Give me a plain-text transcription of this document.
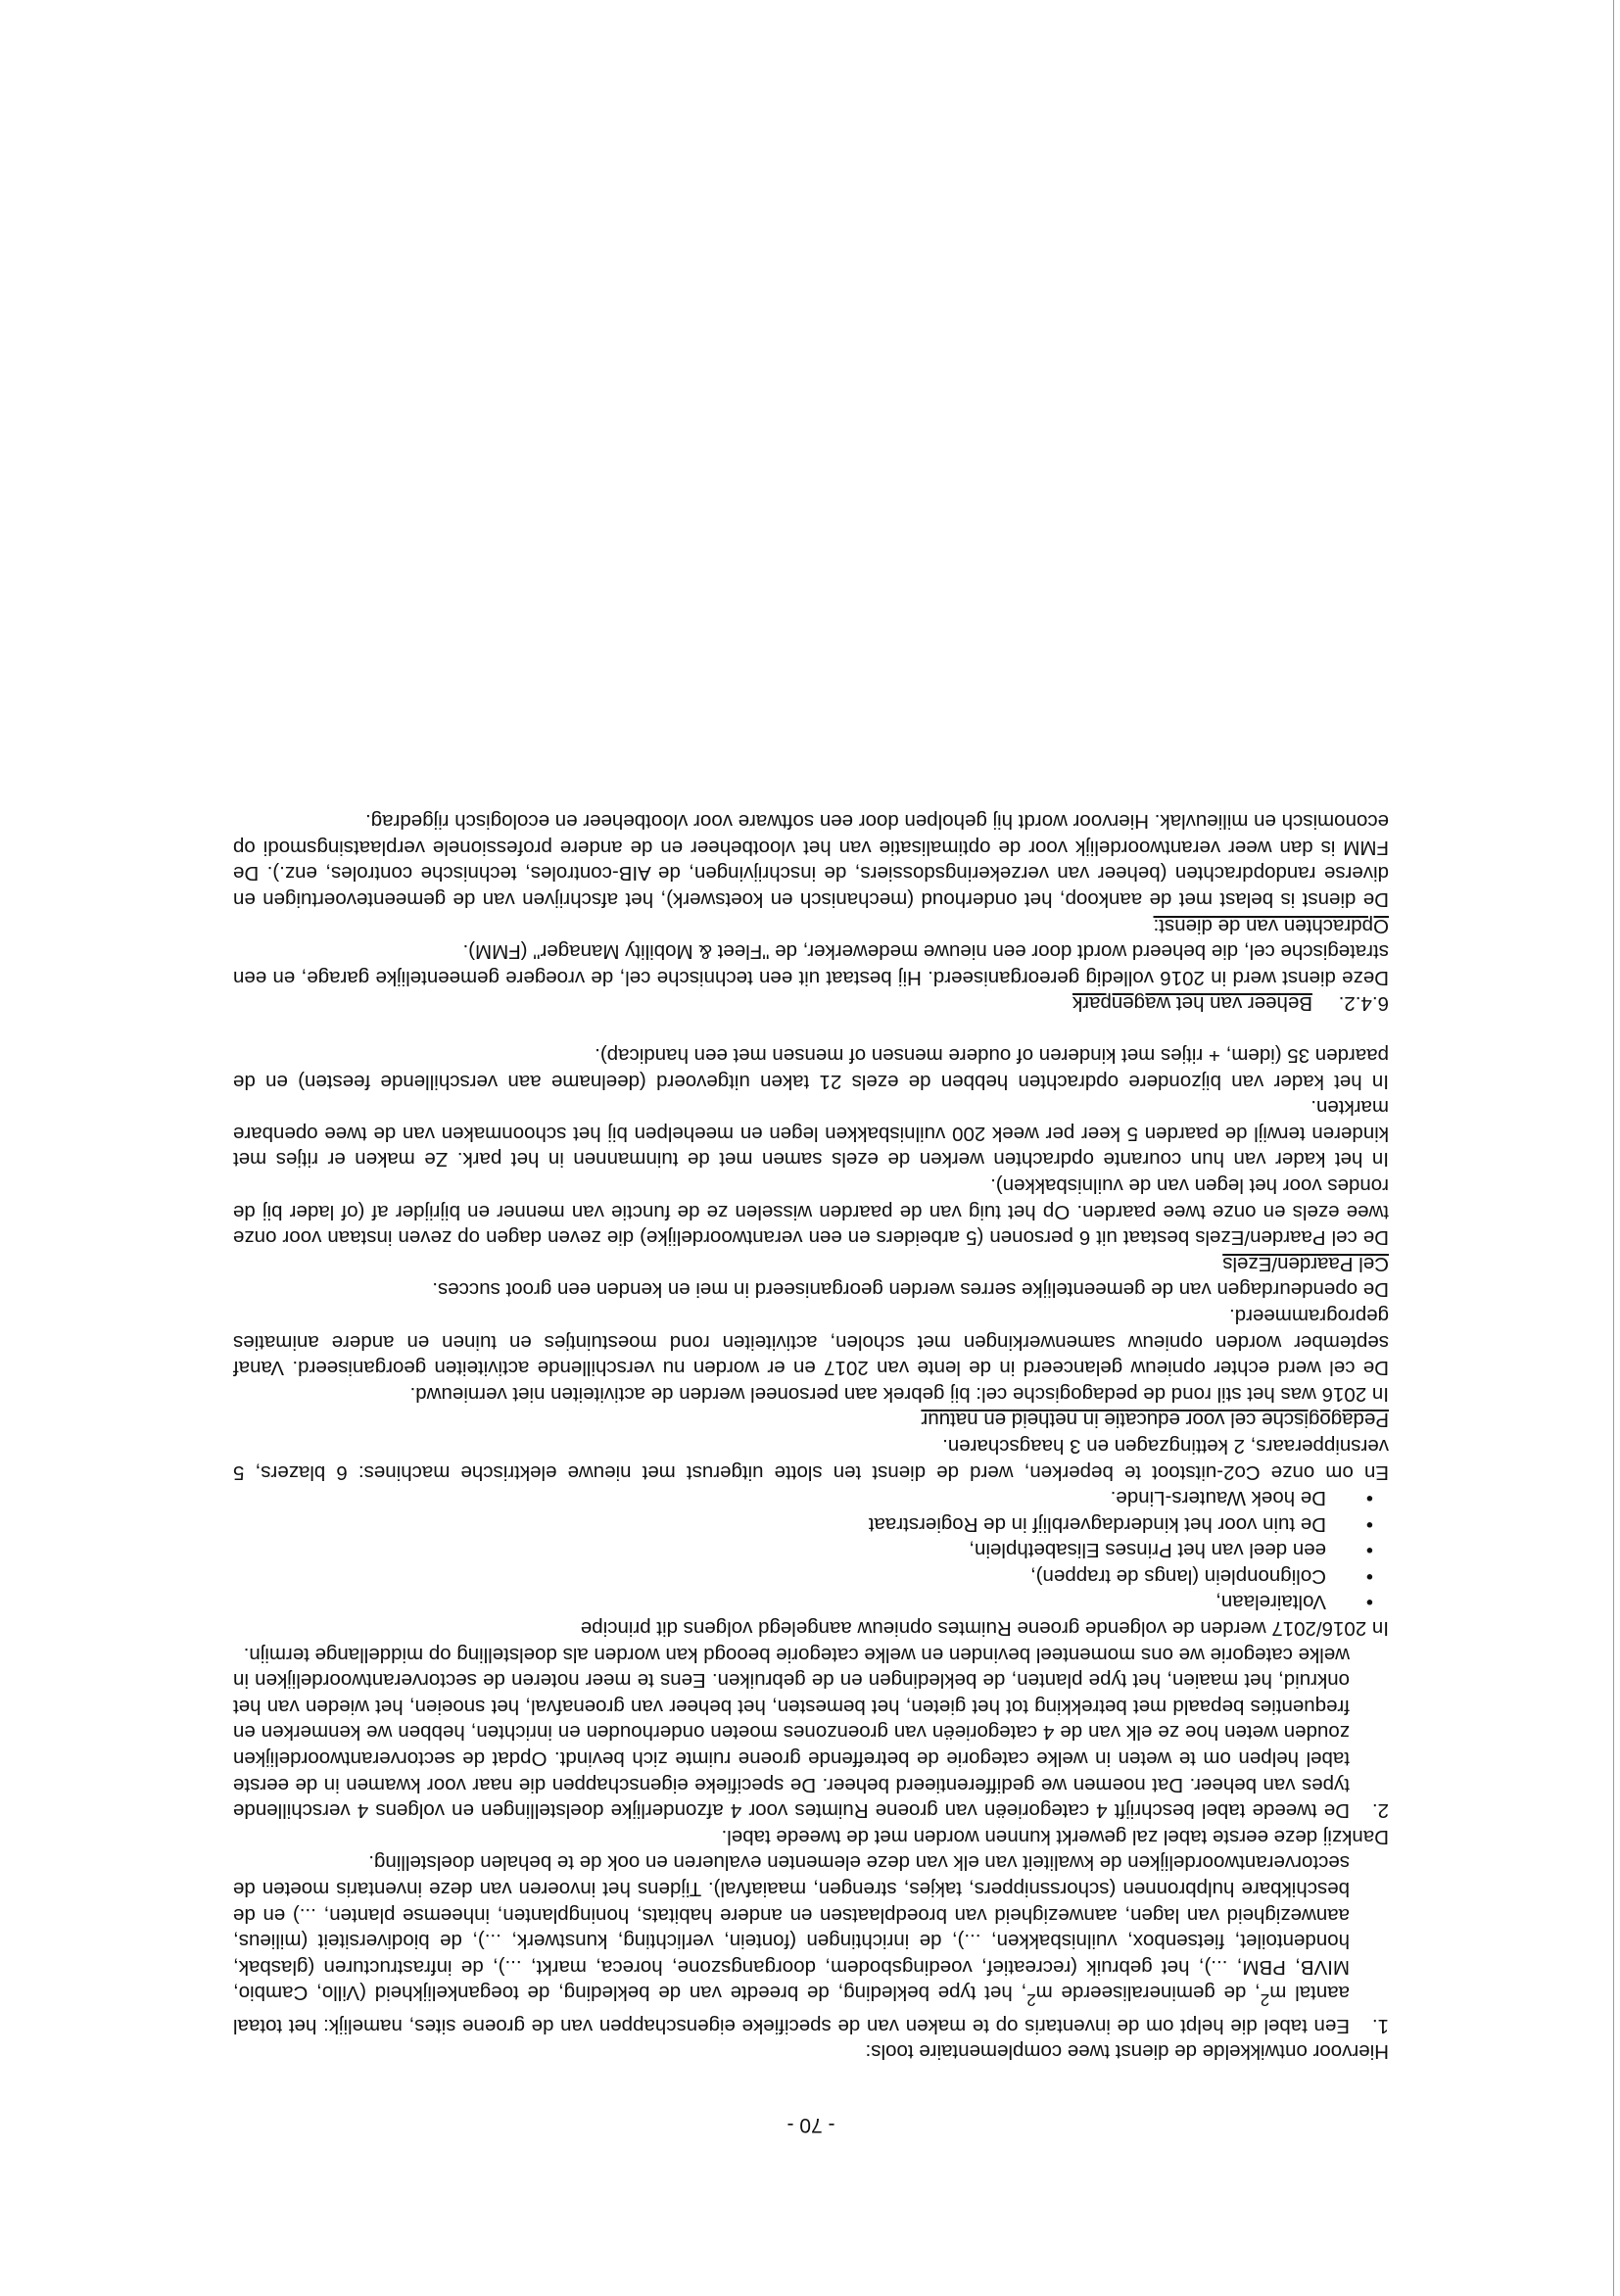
- 70 -

Hiervoor ontwikkelde de dienst twee complementaire tools:

1.

Een tabel die helpt om de inventaris op te maken van de specifieke eigenschappen van de groene sites, namelijk: het totaal aantal $m^2$, de gemineraliseerde $m^2$, het type bekleding, de breedte van de bekleding, de toegankelijkheid (Villo, Cambio, MIVB, PBM, ...), het gebruik (recreatief, voedingsbodem, doorgangszone, horeca, markt, ...), de infrastructuren (glasbak, hondentoilet, fietsenbox, vuilnisbakken, ...), de inrichtingen (fontein, verlichting, kunstwerk, ...), de biodiversiteit (milieus, aanwezigheid van lagen, aanwezigheid van broedplaatsen en andere habitats, honingplanten, inheemse planten, ...) en de beschikbare hulpbronnen (schorssnippers, takjes, strengen, maaiafval). Tijdens het invoeren van deze inventaris moeten de sectorverantwoordelijken de kwaliteit van elk van deze elementen evalueren en ook de te behalen doelstelling.

Dankzij deze eerste tabel zal gewerkt kunnen worden met de tweede tabel.

2.

De tweede tabel beschrijft 4 categorieën van groene Ruimtes voor 4 afzonderlijke doelstellingen en volgens 4 verschillende types van beheer. Dat noemen we gedifferentieerd beheer. De specifieke eigenschappen die naar voor kwamen in de eerste tabel helpen om te weten in welke categorie de betreffende groene ruimte zich bevindt. Opdat de sectorverantwoordelijken zouden weten hoe ze elk van de 4 categorieën van groenzones moeten onderhouden en inrichten, hebben we kenmerken en frequenties bepaald met betrekking tot het gieten, het bemesten, het beheer van groenafval, het snoeien, het wieden van het onkruid, het maaien, het type planten, de bekledingen en de gebruiken. Eens te meer noteren de sectorverantwoordelijken in welke categorie we ons momenteel bevinden en welke categorie beoogd kan worden als doelstelling op middellange termijn.

In 2016/2017 werden de volgende groene Ruimtes opnieuw aangelegd volgens dit principe

•
Voltairelaan,
•
Colignonplein (langs de trappen),
•
een deel van het Prinses Elisabethplein,
•
De tuin voor het kinderdagverblijf in de Rogierstraat
•
De hoek Wauters-Linde.

En om onze Co2-uitstoot te beperken, werd de dienst ten slotte uitgerust met nieuwe elektrische machines: 6 blazers, 5 versnipperaars, 2 kettingzagen en 3 haagscharen.

Pedagogische cel voor educatie in netheid en natuur

In 2016 was het stil rond de pedagogische cel: bij gebrek aan personeel werden de activiteiten niet vernieuwd.

De cel werd echter opnieuw gelanceerd in de lente van 2017 en er worden nu verschillende activiteiten georganiseerd. Vanaf september worden opnieuw samenwerkingen met scholen, activiteiten rond moestuintjes en tuinen en andere animaties geprogrammeerd.

De opendeurdagen van de gemeentelijke serres werden georganiseerd in mei en kenden een groot succes.

Cel Paarden/Ezels

De cel Paarden/Ezels bestaat uit 6 personen (5 arbeiders en een verantwoordelijke) die zeven dagen op zeven instaan voor onze twee ezels en onze twee paarden. Op het tuig van de paarden wisselen ze de functie van menner en bijrijder af (of lader bij de rondes voor het legen van de vuilnisbakken).

In het kader van hun courante opdrachten werken de ezels samen met de tuinmannen in het park. Ze maken er ritjes met kinderen terwijl de paarden 5 keer per week 200 vuilnisbakken legen en meehelpen bij het schoonmaken van de twee openbare markten.

In het kader van bijzondere opdrachten hebben de ezels 21 taken uitgevoerd (deelname aan verschillende feesten) en de paarden 35 (idem, + ritjes met kinderen of oudere mensen of mensen met een handicap).

6.4.2.
Beheer van het wagenpark

Deze dienst werd in 2016 volledig gereorganiseerd. Hij bestaat uit een technische cel, de vroegere gemeentelijke garage, en een strategische cel, die beheerd wordt door een nieuwe medewerker, de "Fleet & Mobility Manager" (FMM).

Opdrachten van de dienst:

De dienst is belast met de aankoop, het onderhoud (mechanisch en koetswerk), het afschrijven van de gemeentevoertuigen en diverse randopdrachten (beheer van verzekeringsdossiers, de inschrijvingen, de AIB-controles, technische controles, enz.). De FMM is dan weer verantwoordelijk voor de optimalisatie van het vlootbeheer en de andere professionele verplaatsingsmodi op economisch en milieuvlak. Hiervoor wordt hij geholpen door een software voor vlootbeheer en ecologisch rijgedrag.
